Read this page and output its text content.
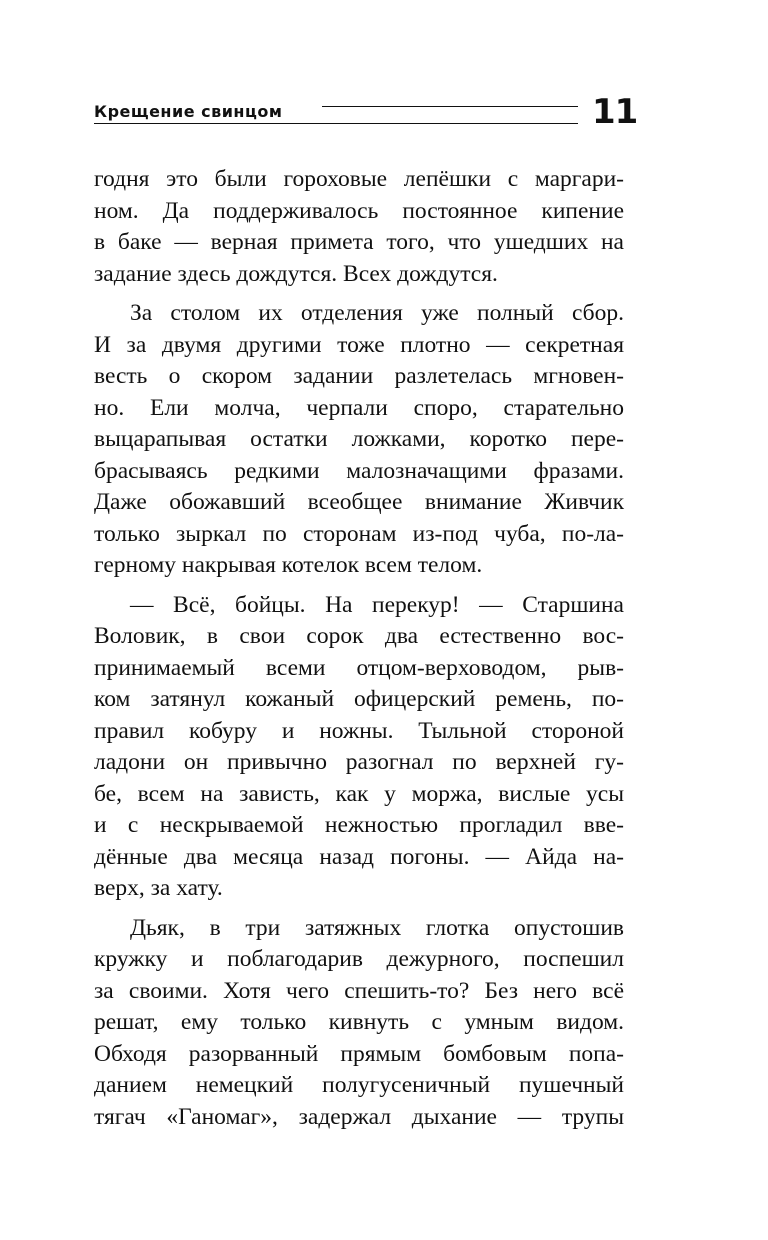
Крещение свинцом	11
годня это были гороховые лепёшки с маргари-
ном. Да поддерживалось постоянное кипение
в баке — верная примета того, что ушедших на
задание здесь дождутся. Всех дождутся.
За столом их отделения уже полный сбор.
И за двумя другими тоже плотно — секретная
весть о скором задании разлетелась мгновен-
но. Ели молча, черпали споро, старательно
выцарапывая остатки ложками, коротко пере-
брасываясь редкими малозначащими фразами.
Даже обожавший всеобщее внимание Живчик
только зыркал по сторонам из-под чуба, по-ла-
герному накрывая котелок всем телом.
— Всё, бойцы. На перекур! — Старшина
Воловик, в свои сорок два естественно вос-
принимаемый всеми отцом-верховодом, рыв-
ком затянул кожаный офицерский ремень, по-
правил кобуру и ножны. Тыльной стороной
ладони он привычно разогнал по верхней гу-
бе, всем на зависть, как у моржа, вислые усы
и с нескрываемой нежностью прогладил вве-
дённые два месяца назад погоны. — Айда на-
верх, за хату.
Дьяк, в три затяжных глотка опустошив
кружку и поблагодарив дежурного, поспешил
за своими. Хотя чего спешить-то? Без него всё
решат, ему только кивнуть с умным видом.
Обходя разорванный прямым бомбовым попа-
данием немецкий полугусеничный пушечный
тягач «Ганомаг», задержал дыхание — трупы
